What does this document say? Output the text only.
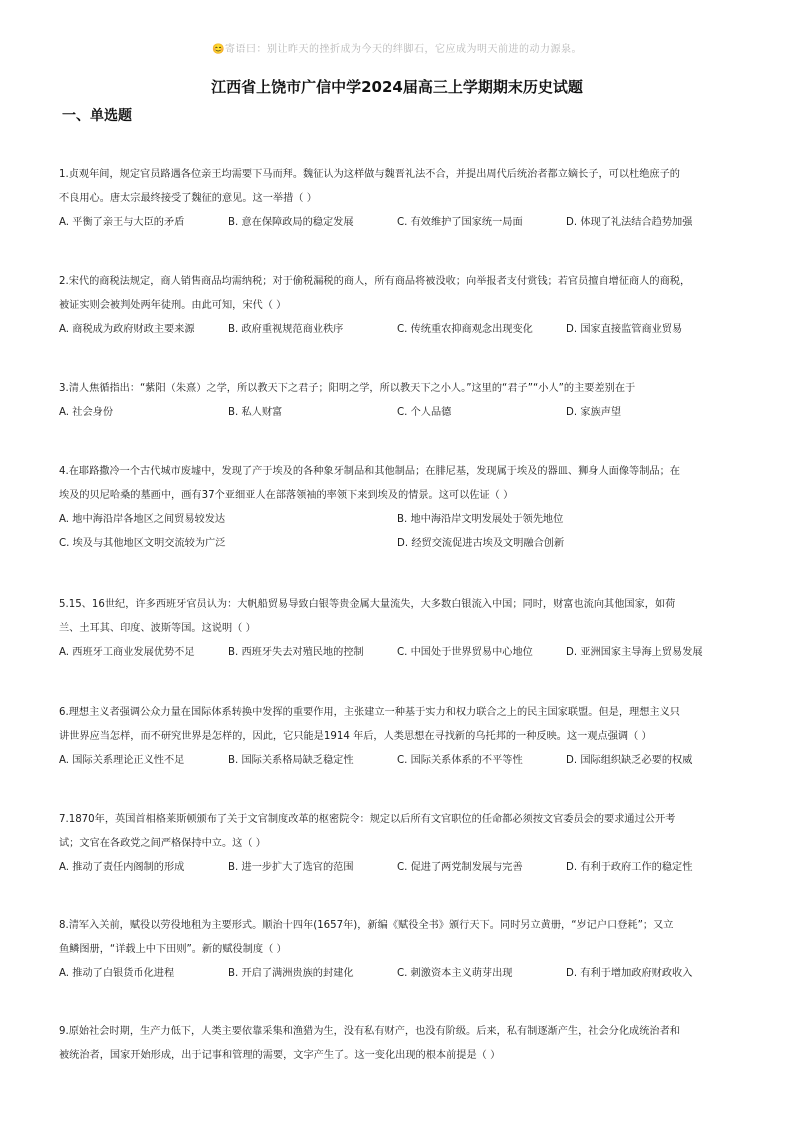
😊寄语曰：别让昨天的挫折成为今天的绊脚石，它应成为明天前进的动力源泉。
江西省上饶市广信中学2024届高三上学期期末历史试题
一、单选题

1.贞观年间，规定官员路遇各位亲王均需要下马而拜。魏征认为这样做与魏晋礼法不合，并提出周代后统治者都立嫡长子，可以杜绝庶子的
不良用心。唐太宗最终接受了魏征的意见。这一举措（ ）

A. 平衡了亲王与大臣的矛盾	B. 意在保障政局的稳定发展	C. 有效维护了国家统一局面	D. 体现了礼法结合趋势加强

2.宋代的商税法规定，商人销售商品均需纳税；对于偷税漏税的商人，所有商品将被没收；向举报者支付赏钱；若官员擅自增征商人的商税，
被证实则会被判处两年徒刑。由此可知，宋代（ ）

A. 商税成为政府财政主要来源	B. 政府重视规范商业秩序	C. 传统重农抑商观念出现变化	D. 国家直接监管商业贸易

3.清人焦循指出：“紫阳（朱熹）之学，所以教天下之君子；阳明之学，所以教天下之小人。”这里的“君子”“小人”的主要差别在于

A. 社会身份	B. 私人财富	C. 个人品德	D. 家族声望

4.在耶路撒冷一个古代城市废墟中，发现了产于埃及的各种象牙制品和其他制品；在腓尼基，发现属于埃及的器皿、狮身人面像等制品；在
埃及的贝尼哈桑的墓画中，画有37个亚细亚人在部落领袖的率领下来到埃及的情景。这可以佐证（ ）

A. 地中海沿岸各地区之间贸易较发达	B. 地中海沿岸文明发展处于领先地位
C. 埃及与其他地区文明交流较为广泛	D. 经贸交流促进古埃及文明融合创新

5.15、16世纪，许多西班牙官员认为：大帆船贸易导致白银等贵金属大量流失，大多数白银流入中国；同时，财富也流向其他国家，如荷
兰、土耳其、印度、波斯等国。这说明（ ）

A. 西班牙工商业发展优势不足	B. 西班牙失去对殖民地的控制	C. 中国处于世界贸易中心地位	D. 亚洲国家主导海上贸易发展

6.理想主义者强调公众力量在国际体系转换中发挥的重要作用，主张建立一种基于实力和权力联合之上的民主国家联盟。但是，理想主义只
讲世界应当怎样，而不研究世界是怎样的，因此，它只能是1914 年后，人类思想在寻找新的乌托邦的一种反映。这一观点强调（ ）

A. 国际关系理论正义性不足	B. 国际关系格局缺乏稳定性	C. 国际关系体系的不平等性	D. 国际组织缺乏必要的权威

7.1870年，英国首相格莱斯顿颁布了关于文官制度改革的枢密院令：规定以后所有文官职位的任命都必须按文官委员会的要求通过公开考
试；文官在各政党之间严格保持中立。这（ ）

A. 推动了责任内阁制的形成	B. 进一步扩大了选官的范围	C. 促进了两党制发展与完善	D. 有利于政府工作的稳定性

8.清军入关前，赋役以劳役地租为主要形式。顺治十四年(1657年)，新编《赋役全书》颁行天下。同时另立黄册，“岁记户口登耗”；又立
鱼鳞图册，“详载上中下田则”。新的赋役制度（ ）

A. 推动了白银货币化进程	B. 开启了满洲贵族的封建化	C. 刺激资本主义萌芽出现	D. 有利于增加政府财政收入

9.原始社会时期，生产力低下，人类主要依靠采集和渔猎为生，没有私有财产，也没有阶级。后来，私有制逐渐产生，社会分化成统治者和
被统治者，国家开始形成，出于记事和管理的需要，文字产生了。这一变化出现的根本前提是（ ）
